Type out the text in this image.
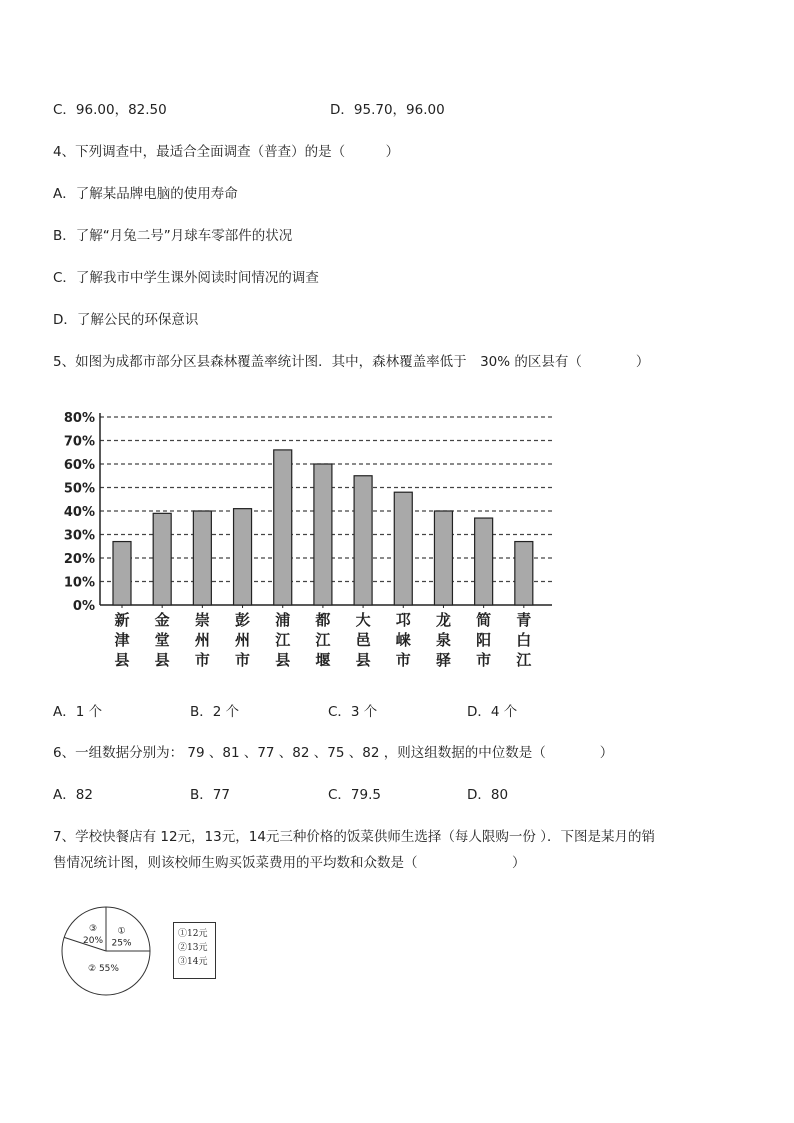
C．96.00，82.50	D．95.70，96.00
4、下列调查中，最适合全面调查（普查）的是（　　　）
A．了解某品牌电脑的使用寿命
B．了解“月兔二号”月球车零部件的状况
C．了解我市中学生课外阅读时间情况的调查
D．了解公民的环保意识
5、如图为成都市部分区县森林覆盖率统计图．其中，森林覆盖率低于　30% 的区县有（　　　　）
0%
10%
20%
30%
40%
50%
60%
70%
80%
新津县
金堂县
崇州市
彭州市
浦江县
都江堰
大邑县
邛崃市
龙泉驿
简阳市
青白江
A．1 个	B．2 个	C．3 个	D．4 个
6、一组数据分别为： 79 、81 、77 、82 、75 、82 ，则这组数据的中位数是（　　　　）
A．82	B．77	C．79.5	D．80
7、学校快餐店有 12元，13元，14元三种价格的饭菜供师生选择（每人限购一份 ）．下图是某月的销
售情况统计图，则该校师生购买饭菜费用的平均数和众数是（　　　　　　　）
①
25%
② 55%
③
20%
①12元
②13元
③14元
